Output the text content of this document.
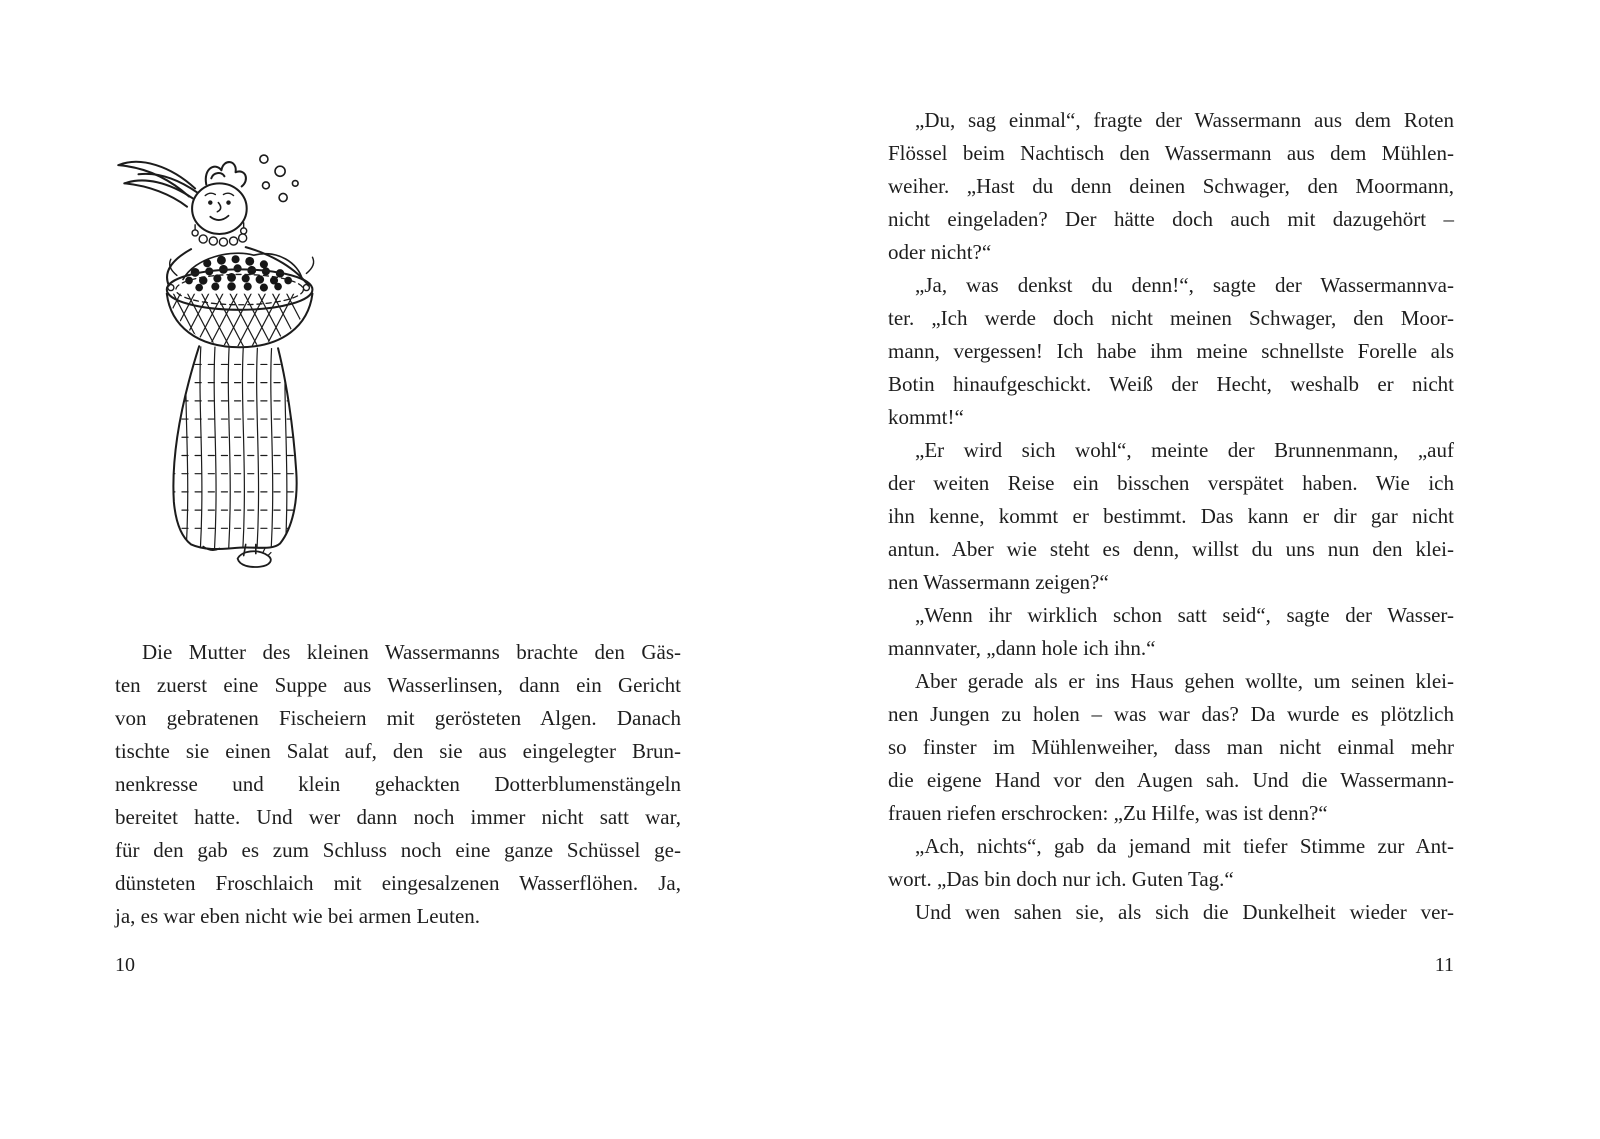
Die Mutter des kleinen Wassermanns brachte den Gäs-
ten zuerst eine Suppe aus Wasserlinsen, dann ein Gericht
von gebratenen Fischeiern mit gerösteten Algen. Danach
tischte sie einen Salat auf, den sie aus eingelegter Brun-
nenkresse und klein gehackten Dotterblumenstängeln
bereitet hatte. Und wer dann noch immer nicht satt war,
für den gab es zum Schluss noch eine ganze Schüssel ge-
dünsteten Froschlaich mit eingesalzenen Wasserflöhen. Ja,
ja, es war eben nicht wie bei armen Leuten.
10
„Du, sag einmal“, fragte der Wassermann aus dem Roten
Flössel beim Nachtisch den Wassermann aus dem Mühlen-
weiher. „Hast du denn deinen Schwager, den Moormann,
nicht eingeladen? Der hätte doch auch mit dazugehört –
oder nicht?“
„Ja, was denkst du denn!“, sagte der Wassermannva-
ter. „Ich werde doch nicht meinen Schwager, den Moor-
mann, vergessen! Ich habe ihm meine schnellste Forelle als
Botin hinaufgeschickt. Weiß der Hecht, weshalb er nicht
kommt!“
„Er wird sich wohl“, meinte der Brunnenmann, „auf
der weiten Reise ein bisschen verspätet haben. Wie ich
ihn kenne, kommt er bestimmt. Das kann er dir gar nicht
antun. Aber wie steht es denn, willst du uns nun den klei-
nen Wassermann zeigen?“
„Wenn ihr wirklich schon satt seid“, sagte der Wasser-
mannvater, „dann hole ich ihn.“
Aber gerade als er ins Haus gehen wollte, um seinen klei-
nen Jungen zu holen – was war das? Da wurde es plötzlich
so finster im Mühlenweiher, dass man nicht einmal mehr
die eigene Hand vor den Augen sah. Und die Wassermann-
frauen riefen erschrocken: „Zu Hilfe, was ist denn?“
„Ach, nichts“, gab da jemand mit tiefer Stimme zur Ant-
wort. „Das bin doch nur ich. Guten Tag.“
Und wen sahen sie, als sich die Dunkelheit wieder ver-
11
